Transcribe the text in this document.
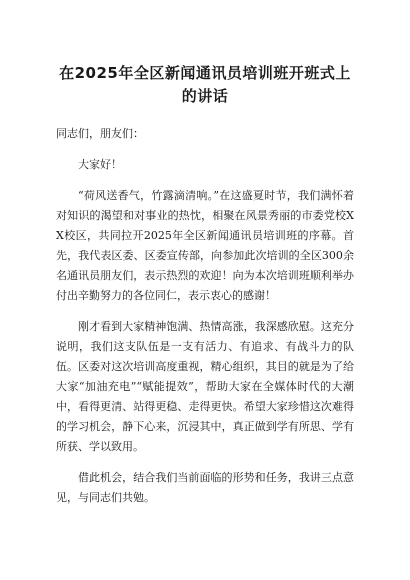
在2025年全区新闻通讯员培训班开班式上
的讲话

同志们，朋友们：

大家好！

“荷风送香气，竹露滴清响。”在这盛夏时节，我们满怀着对知识的渴望和对事业的热忱，相聚在风景秀丽的市委党校XX校区，共同拉开2025年全区新闻通讯员培训班的序幕。首先，我代表区委、区委宣传部，向参加此次培训的全区300余名通讯员朋友们，表示热烈的欢迎！向为本次培训班顺利举办付出辛勤努力的各位同仁，表示衷心的感谢！

刚才看到大家精神饱满、热情高涨，我深感欣慰。这充分说明，我们这支队伍是一支有活力、有追求、有战斗力的队伍。区委对这次培训高度重视，精心组织，其目的就是为了给大家“加油充电”“赋能提效”，帮助大家在全媒体时代的大潮中，看得更清、站得更稳、走得更快。希望大家珍惜这次难得的学习机会，静下心来，沉浸其中，真正做到学有所思、学有所获、学以致用。

借此机会，结合我们当前面临的形势和任务，我讲三点意见，与同志们共勉。
